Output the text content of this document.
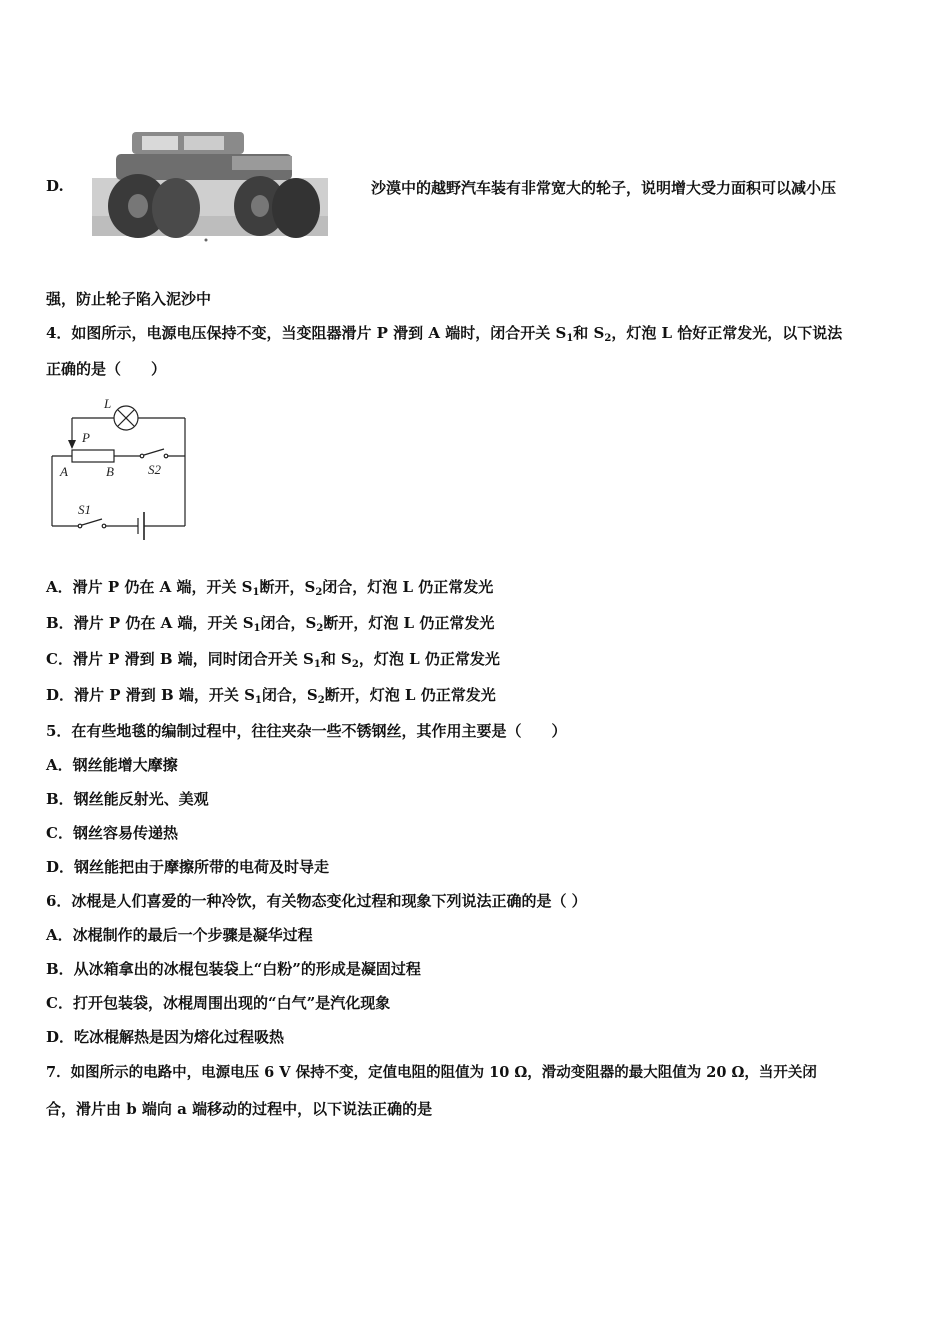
D.	沙漠中的越野汽车装有非常宽大的轮子，说明增大受力面积可以减小压
强，防止轮子陷入泥沙中
4．如图所示，电源电压保持不变，当变阻器滑片 P 滑到 A 端时，闭合开关 $S_1$和 $S_2$，灯泡 L 恰好正常发光，以下说法
正确的是（　　）
L
P
A	B	S2
S1
A．滑片 P 仍在 A 端，开关 $S_1$断开，$S_2$闭合，灯泡 L 仍正常发光
B．滑片 P 仍在 A 端，开关 $S_1$闭合，$S_2$断开，灯泡 L 仍正常发光
C．滑片 P 滑到 B 端，同时闭合开关 $S_1$和 $S_2$，灯泡 L 仍正常发光
D．滑片 P 滑到 B 端，开关 $S_1$闭合，$S_2$断开，灯泡 L 仍正常发光
5．在有些地毯的编制过程中，往往夹杂一些不锈钢丝，其作用主要是（　　）
A．钢丝能增大摩擦
B．钢丝能反射光、美观
C．钢丝容易传递热
D．钢丝能把由于摩擦所带的电荷及时导走
6．冰棍是人们喜爱的一种冷饮，有关物态变化过程和现象下列说法正确的是（ ）
A．冰棍制作的最后一个步骤是凝华过程
B．从冰箱拿出的冰棍包装袋上“白粉”的形成是凝固过程
C．打开包装袋，冰棍周围出现的“白气”是汽化现象
D．吃冰棍解热是因为熔化过程吸热
7．如图所示的电路中，电源电压 6 V 保持不变，定值电阻的阻值为 10 Ω，滑动变阻器的最大阻值为 20 Ω，当开关闭
合，滑片由 b 端向 a 端移动的过程中，以下说法正确的是
